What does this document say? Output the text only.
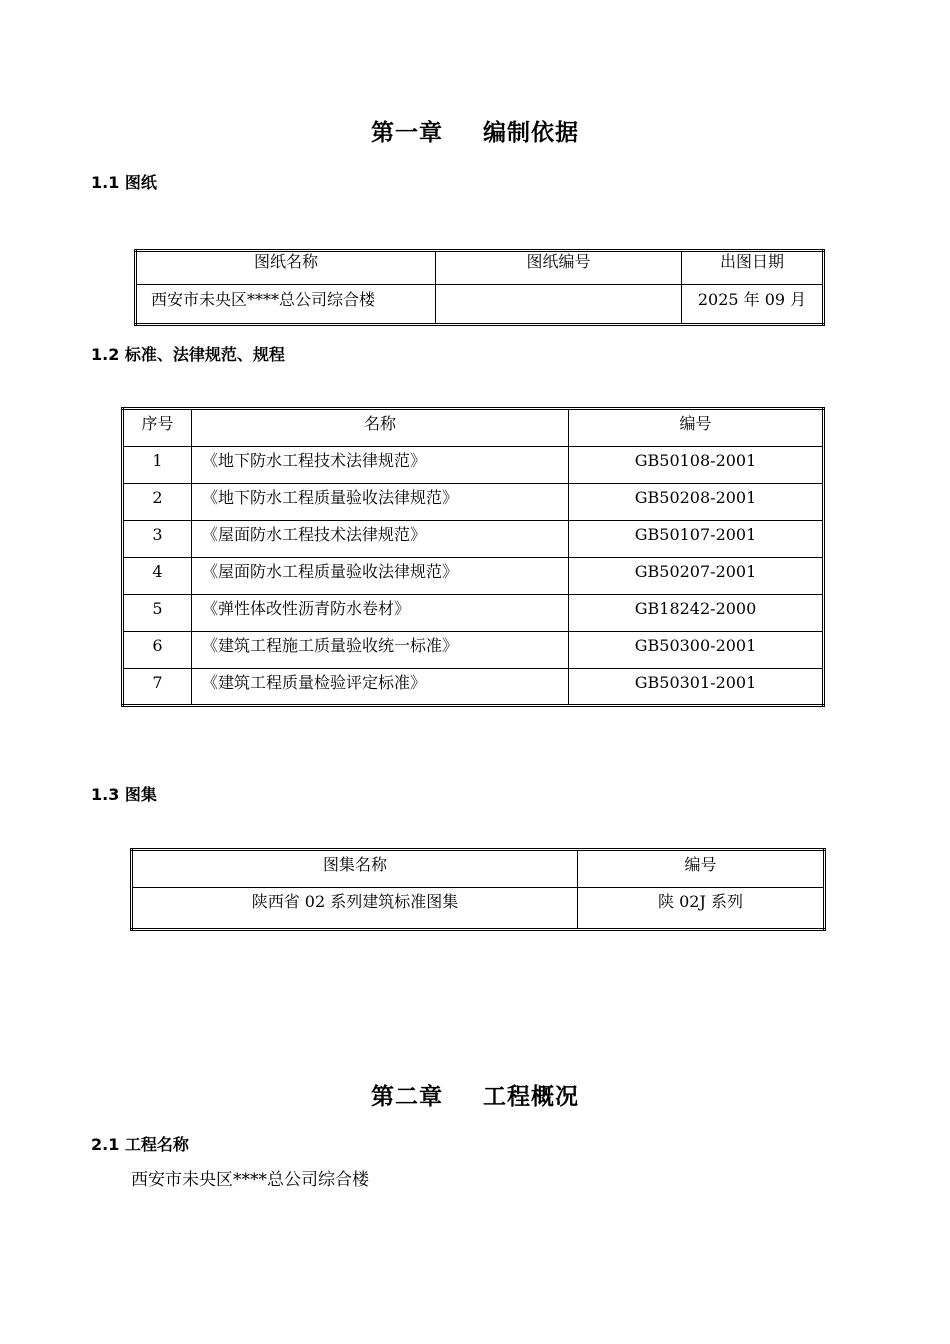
第一章 编制依据
1.1 图纸
图纸名称	图纸编号	出图日期
西安市未央区****总公司综合楼		2025 年 09 月
1.2 标准、法律规范、规程
序号	名称	编号
1	《地下防水工程技术法律规范》	GB50108-2001
2	《地下防水工程质量验收法律规范》	GB50208-2001
3	《屋面防水工程技术法律规范》	GB50107-2001
4	《屋面防水工程质量验收法律规范》	GB50207-2001
5	《弹性体改性沥青防水卷材》	GB18242-2000
6	《建筑工程施工质量验收统一标准》	GB50300-2001
7	《建筑工程质量检验评定标准》	GB50301-2001
1.3 图集
图集名称	编号
陕西省 02 系列建筑标准图集	陕 02J 系列
第二章 工程概况
2.1 工程名称
西安市未央区****总公司综合楼
